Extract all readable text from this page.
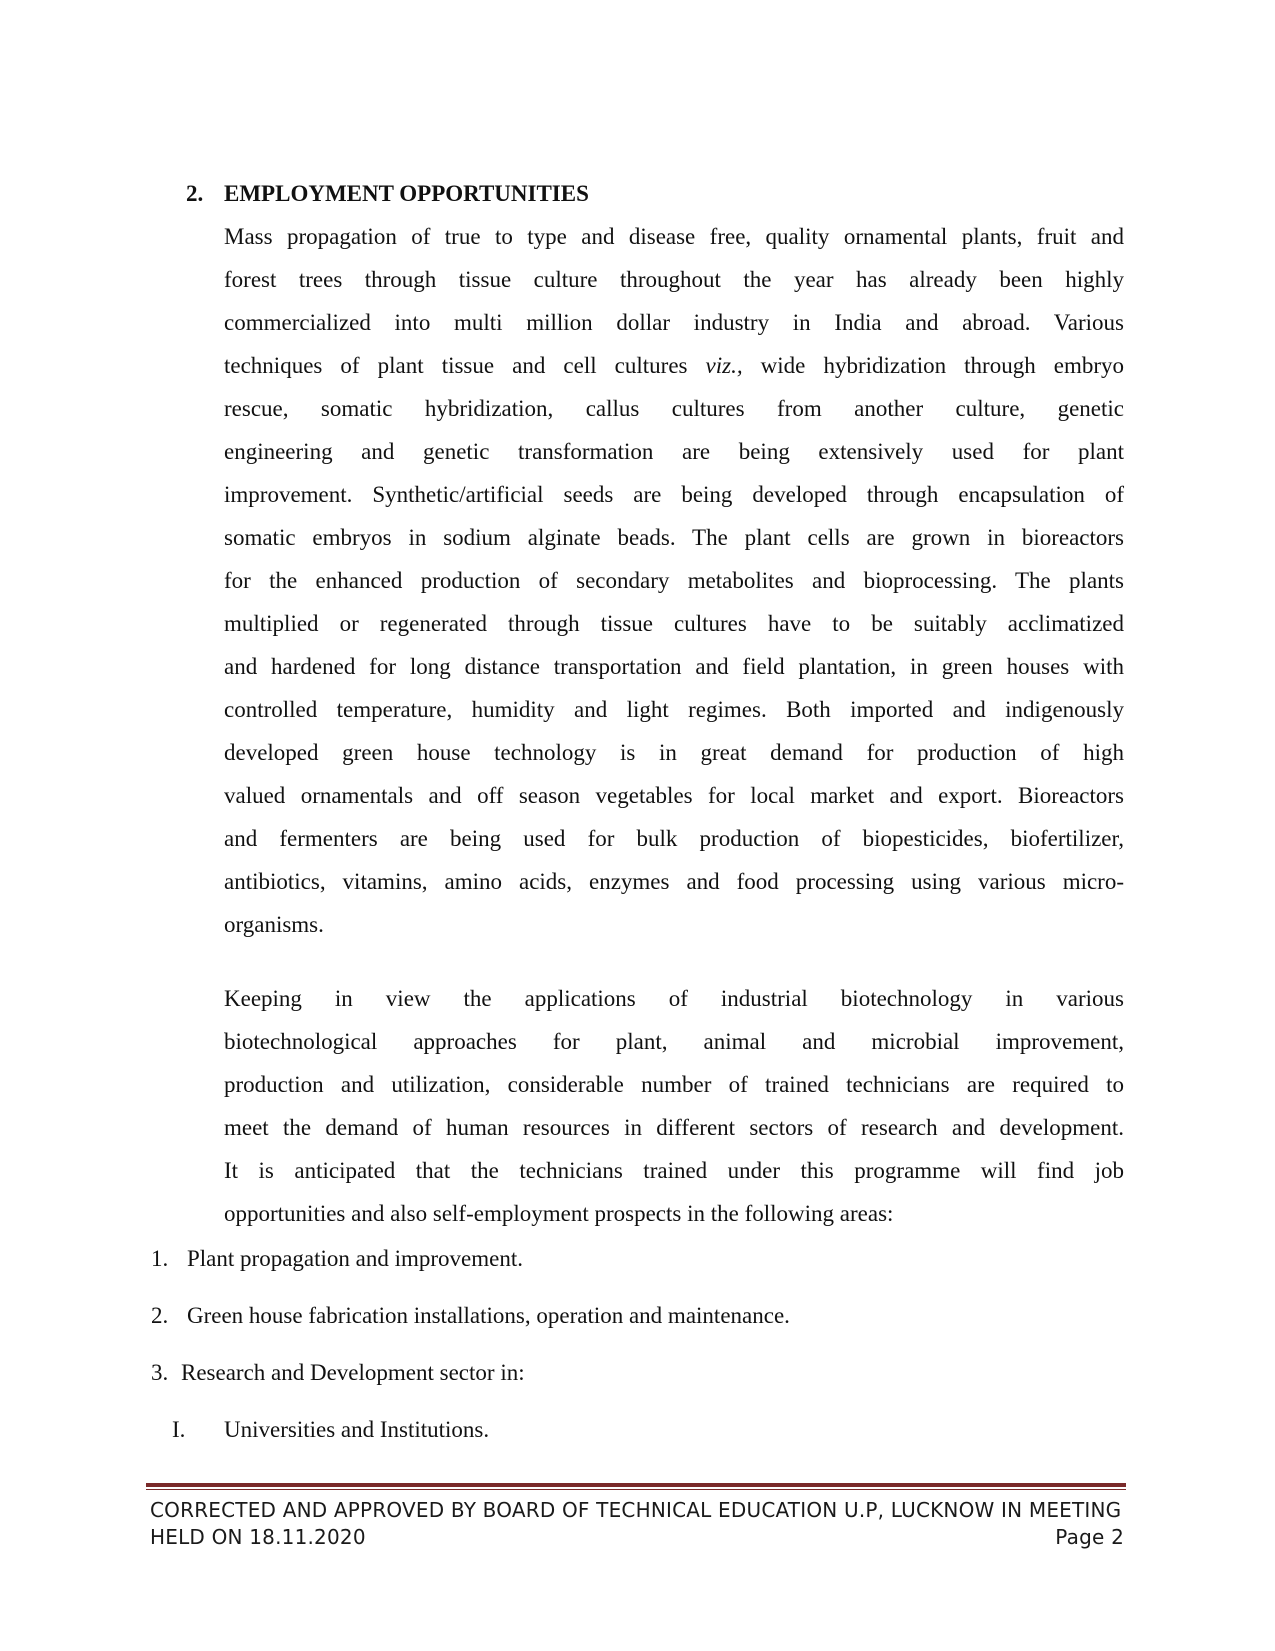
2. EMPLOYMENT OPPORTUNITIES
Mass propagation of true to type and disease free, quality ornamental plants, fruit and
forest trees through tissue culture throughout the year has already been highly
commercialized into multi million dollar industry in India and abroad. Various
techniques of plant tissue and cell cultures viz., wide hybridization through embryo
rescue, somatic hybridization, callus cultures from another culture, genetic
engineering and genetic transformation are being extensively used for plant
improvement. Synthetic/artificial seeds are being developed through encapsulation of
somatic embryos in sodium alginate beads. The plant cells are grown in bioreactors
for the enhanced production of secondary metabolites and bioprocessing. The plants
multiplied or regenerated through tissue cultures have to be suitably acclimatized
and hardened for long distance transportation and field plantation, in green houses with
controlled temperature, humidity and light regimes. Both imported and indigenously
developed green house technology is in great demand for production of high
valued ornamentals and off season vegetables for local market and export. Bioreactors
and fermenters are being used for bulk production of biopesticides, biofertilizer,
antibiotics, vitamins, amino acids, enzymes and food processing using various micro-
organisms.
Keeping in view the applications of industrial biotechnology in various
biotechnological approaches for plant, animal and microbial improvement,
production and utilization, considerable number of trained technicians are required to
meet the demand of human resources in different sectors of research and development.
It is anticipated that the technicians trained under this programme will find job
opportunities and also self-employment prospects in the following areas:
1. Plant propagation and improvement.
2. Green house fabrication installations, operation and maintenance.
3. Research and Development sector in:
I. Universities and Institutions.
CORRECTED AND APPROVED BY BOARD OF TECHNICAL EDUCATION U.P, LUCKNOW IN MEETING
HELD ON 18.11.2020	Page 2
